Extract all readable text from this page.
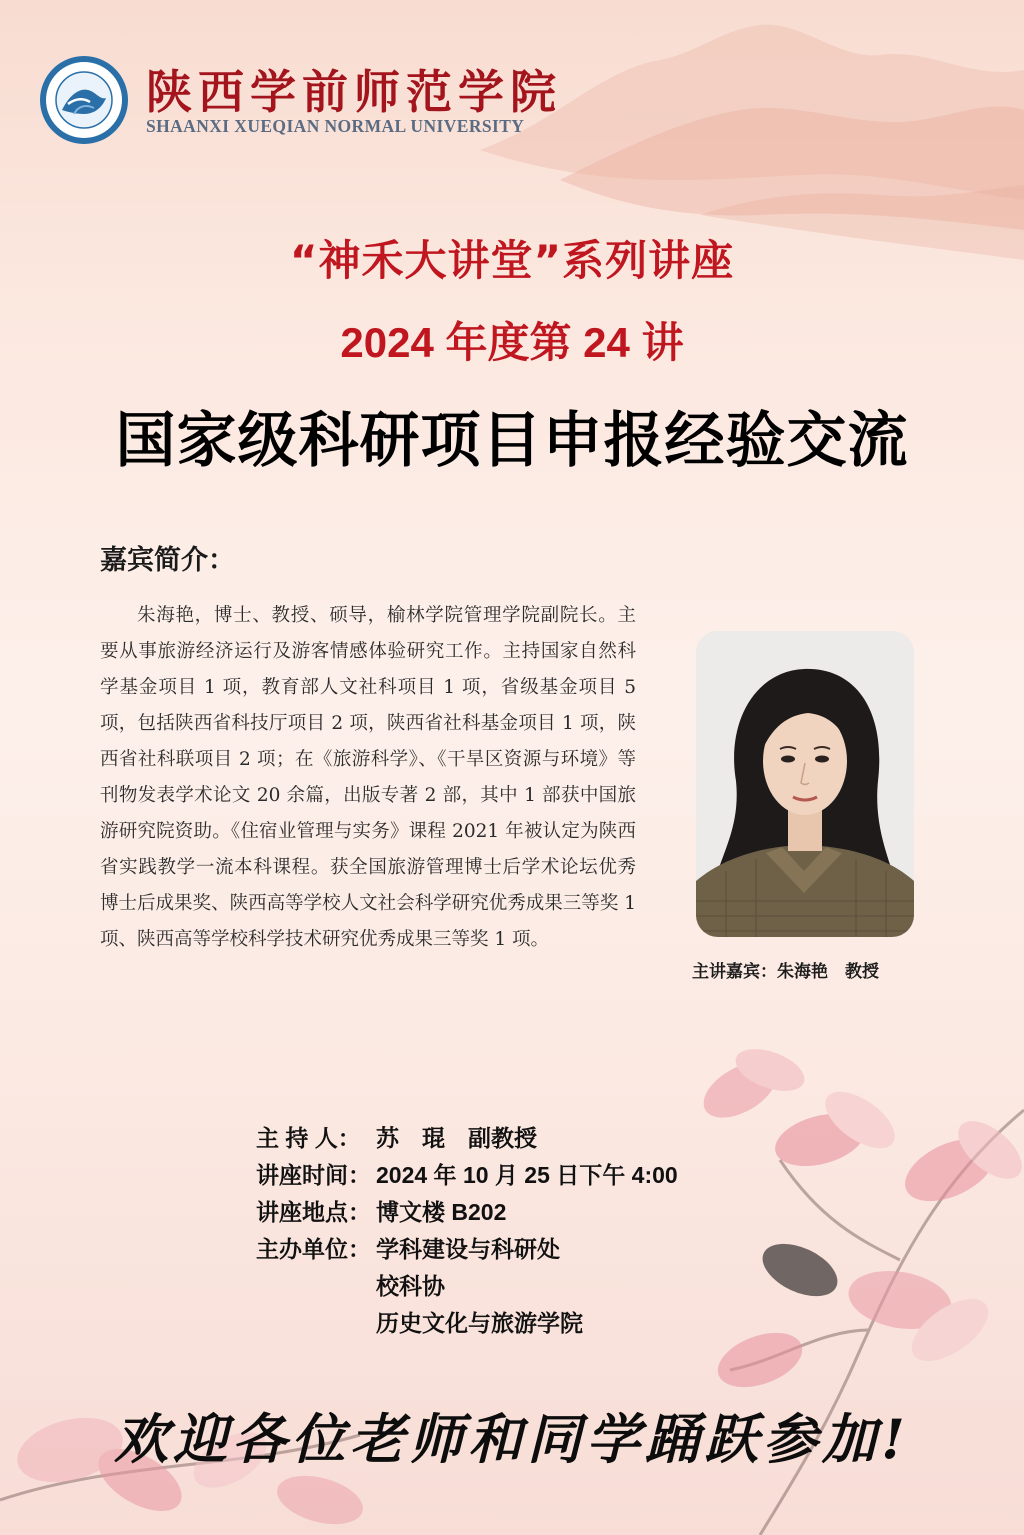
陕西学前师范学院
SHAANXI XUEQIAN NORMAL UNIVERSITY
“神禾大讲堂”系列讲座
2024 年度第 24 讲
国家级科研项目申报经验交流
嘉宾简介：

朱海艳，博士、教授、硕导，榆林学院管理学院副院长。主要从事旅游经济运行及游客情感体验研究工作。主持国家自然科学基金项目 1 项，教育部人文社科项目 1 项，省级基金项目 5 项，包括陕西省科技厅项目 2 项，陕西省社科基金项目 1 项，陕西省社科联项目 2 项；在《旅游科学》、《干旱区资源与环境》等刊物发表学术论文 20 余篇，出版专著 2 部，其中 1 部获中国旅游研究院资助。《住宿业管理与实务》课程 2021 年被认定为陕西省实践教学一流本科课程。获全国旅游管理博士后学术论坛优秀博士后成果奖、陕西高等学校人文社会科学研究优秀成果三等奖 1 项、陕西高等学校科学技术研究优秀成果三等奖 1 项。

主讲嘉宾：朱海艳　教授
主 持 人： 苏　琨　副教授
讲座时间： 2024 年 10 月 25 日下午 4:00
讲座地点： 博文楼 B202
主办单位： 学科建设与科研处
校科协
历史文化与旅游学院
欢迎各位老师和同学踊跃参加!
